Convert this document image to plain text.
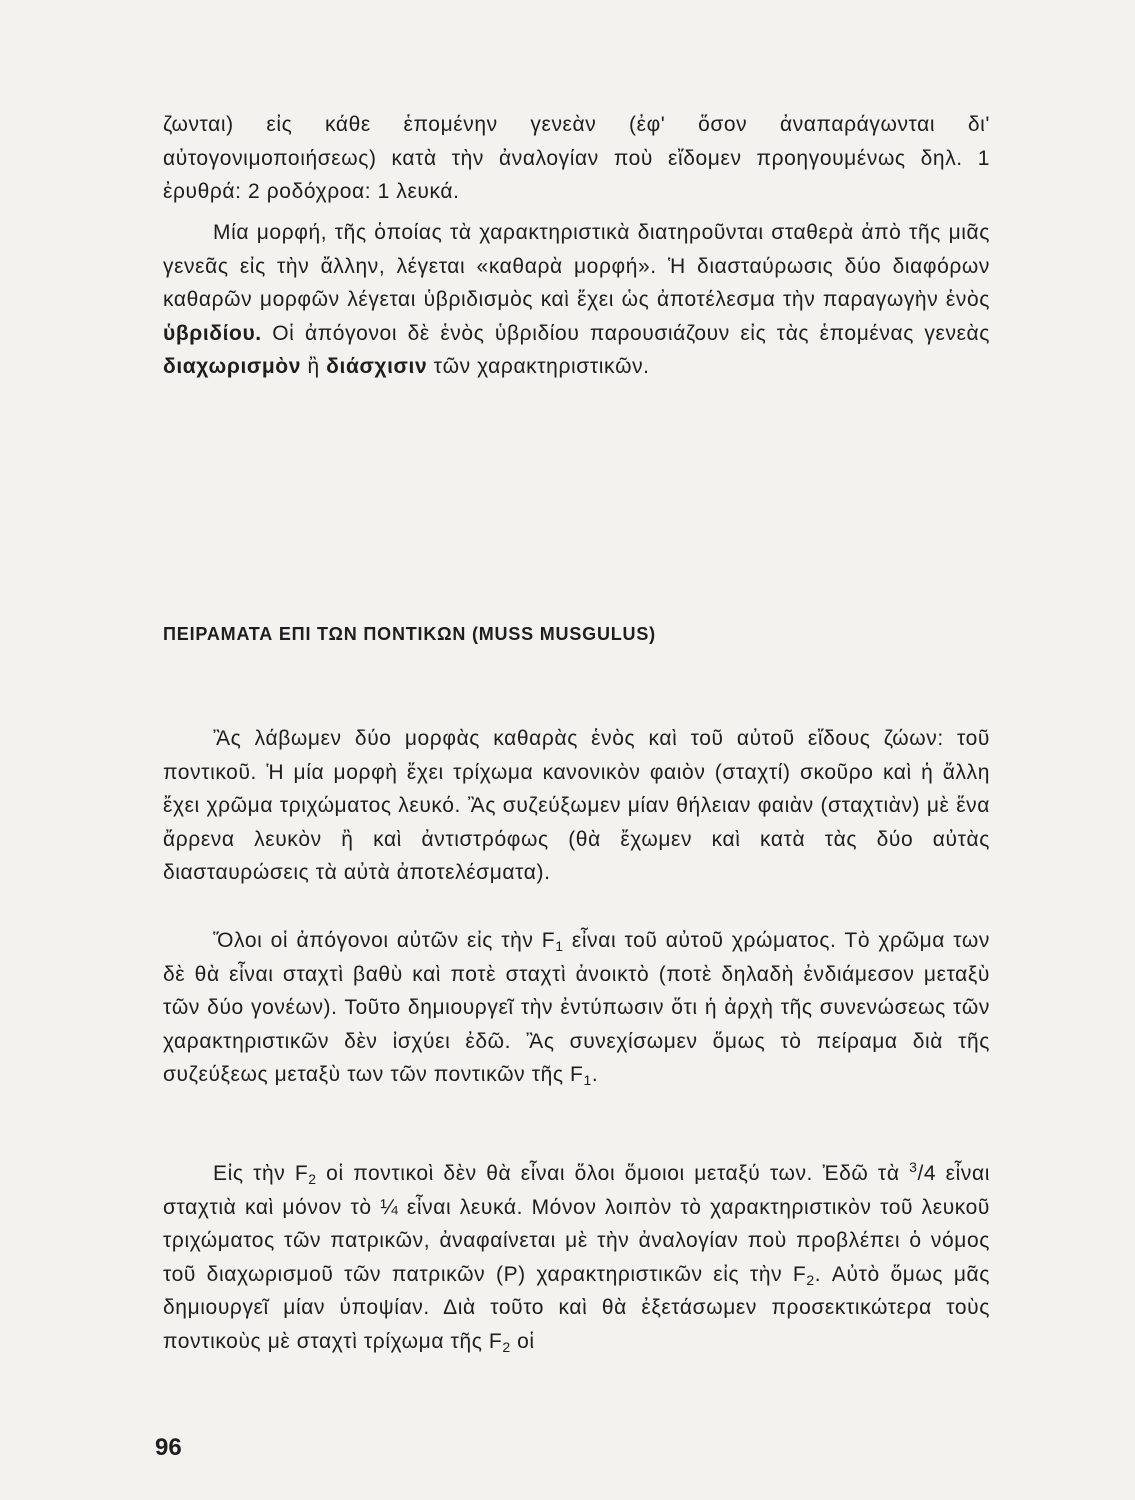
ζωνται) εἰς κάθε ἑπομένην γενεὰν (ἐφ' ὅσον ἀναπαράγωνται δι' αὐτογονιμοποιήσεως) κατὰ τὴν ἀναλογίαν ποὺ εἴδομεν προηγουμένως δηλ. 1 ἐρυθρά: 2 ροδόχροα: 1 λευκά.

Μία μορφή, τῆς ὁποίας τὰ χαρακτηριστικὰ διατηροῦνται σταθερὰ ἀπὸ τῆς μιᾶς γενεᾶς εἰς τὴν ἄλλην, λέγεται «καθαρὰ μορφή». Ἡ διασταύρωσις δύο διαφόρων καθαρῶν μορφῶν λέγεται ὑβριδισμὸς καὶ ἔχει ὡς ἀποτέλεσμα τὴν παραγωγὴν ἑνὸς ὑβριδίου. Οἱ ἀπόγονοι δὲ ἑνὸς ὑβριδίου παρουσιάζουν εἰς τὰς ἑπομένας γενεὰς διαχωρισμὸν ἢ διάσχισιν τῶν χαρακτηριστικῶν.

ΠΕΙΡΑΜΑΤΑ ΕΠΙ ΤΩΝ ΠΟΝΤΙΚΩΝ (MUSS MUSGULUS)

Ἂς λάβωμεν δύο μορφὰς καθαρὰς ἑνὸς καὶ τοῦ αὐτοῦ εἴδους ζώων: τοῦ ποντικοῦ. Ἡ μία μορφὴ ἔχει τρίχωμα κανονικὸν φαιὸν (σταχτί) σκοῦρο καὶ ἡ ἄλλη ἔχει χρῶμα τριχώματος λευκό. Ἂς συζεύξωμεν μίαν θήλειαν φαιὰν (σταχτιὰν) μὲ ἕνα ἄρρενα λευκὸν ἢ καὶ ἀντιστρόφως (θὰ ἔχωμεν καὶ κατὰ τὰς δύο αὐτὰς διασταυρώσεις τὰ αὐτὰ ἀποτελέσματα).

Ὅλοι οἱ ἀπόγονοι αὐτῶν εἰς τὴν $F_1$ εἶναι τοῦ αὐτοῦ χρώματος. Τὸ χρῶμα των δὲ θὰ εἶναι σταχτὶ βαθὺ καὶ ποτὲ σταχτὶ ἀνοικτὸ (ποτὲ δηλαδὴ ἐνδιάμεσον μεταξὺ τῶν δύο γονέων). Τοῦτο δημιουργεῖ τὴν ἐντύπωσιν ὅτι ἡ ἀρχὴ τῆς συνενώσεως τῶν χαρακτηριστικῶν δὲν ἰσχύει ἐδῶ. Ἂς συνεχίσωμεν ὅμως τὸ πείραμα διὰ τῆς συζεύξεως μεταξὺ των τῶν ποντικῶν τῆς $F_1$.

Εἰς τὴν $F_2$ οἱ ποντικοὶ δὲν θὰ εἶναι ὅλοι ὅμοιοι μεταξύ των. Ἐδῶ τὰ $^3$/4 εἶναι σταχτιὰ καὶ μόνον τὸ ¼ εἶναι λευκά. Μόνον λοιπὸν τὸ χαρακτηριστικὸν τοῦ λευκοῦ τριχώματος τῶν πατρικῶν, ἀναφαίνεται μὲ τὴν ἀναλογίαν ποὺ προβλέπει ὁ νόμος τοῦ διαχωρισμοῦ τῶν πατρικῶν (P) χαρακτηριστικῶν εἰς τὴν $F_2$. Αὐτὸ ὅμως μᾶς δημιουργεῖ μίαν ὑποψίαν. Διὰ τοῦτο καὶ θὰ ἐξετάσωμεν προσεκτικώτερα τοὺς ποντικοὺς μὲ σταχτὶ τρίχωμα τῆς $F_2$ οἱ

96
